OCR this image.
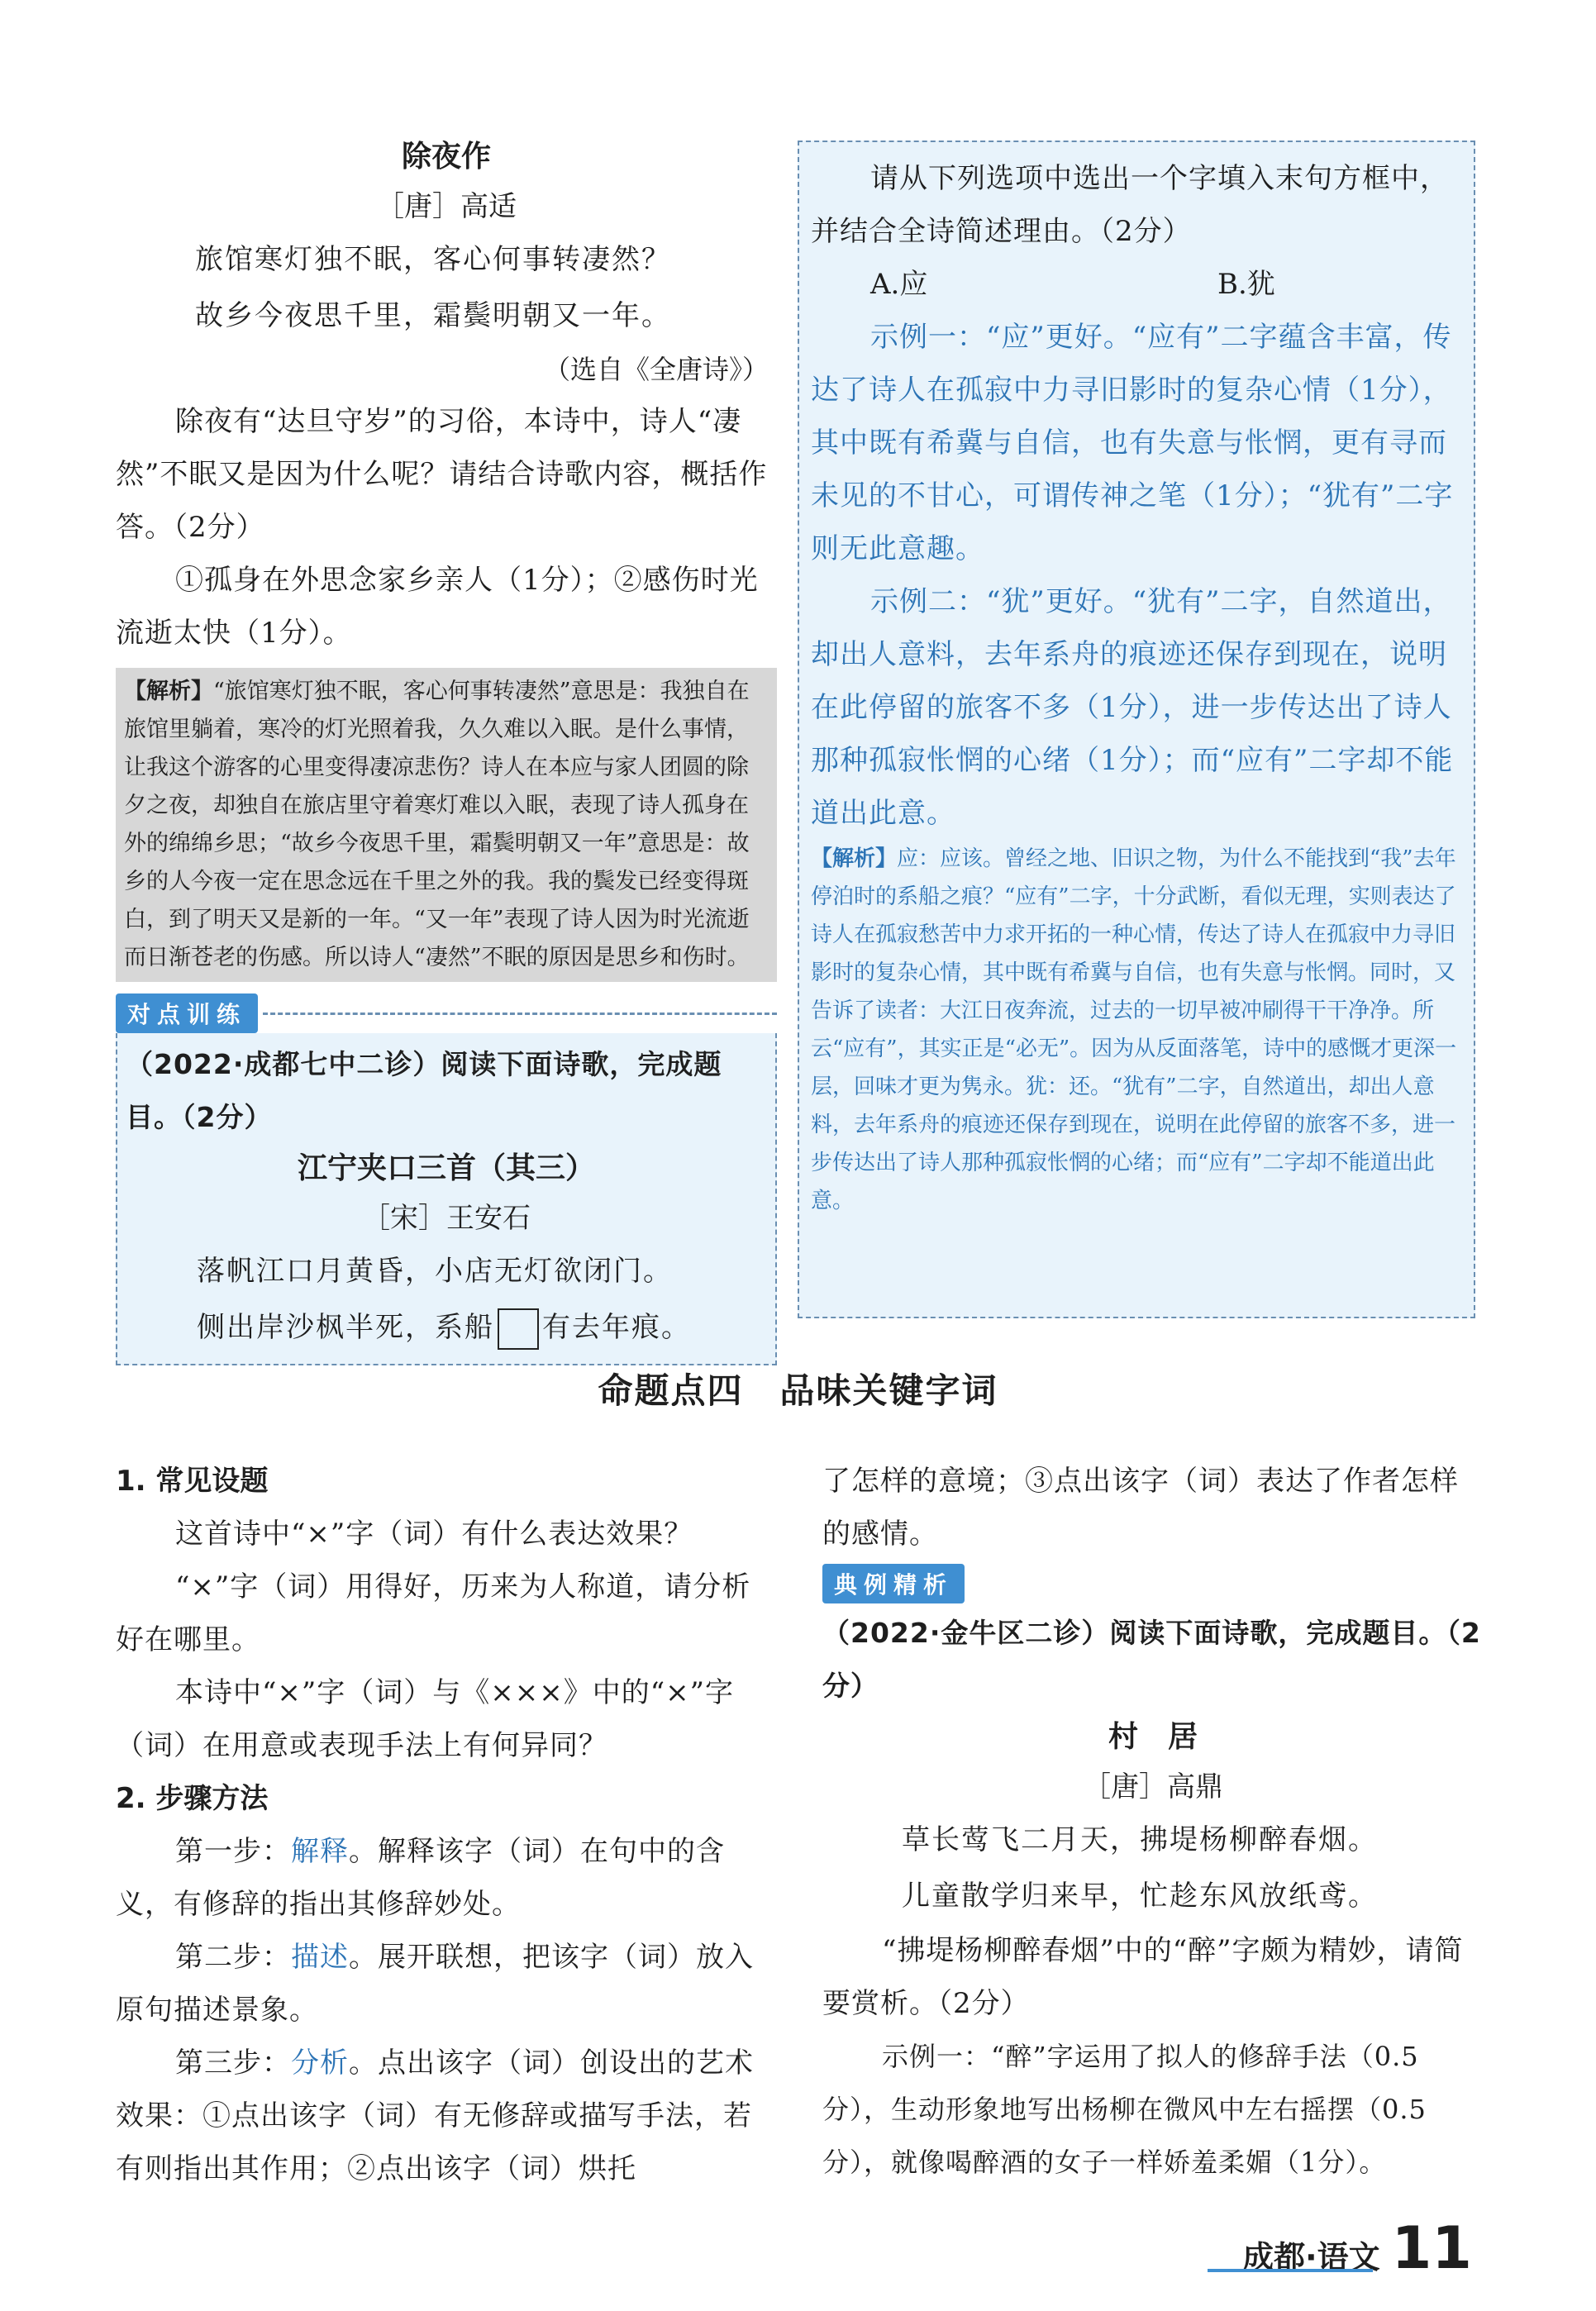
除夜作
［唐］高适
旅馆寒灯独不眠，客心何事转凄然？
故乡今夜思千里，霜鬓明朝又一年。
（选自《全唐诗》）

除夜有“达旦守岁”的习俗，本诗中，诗人“凄然”不眠又是因为什么呢？请结合诗歌内容，概括作答。（2分）

①孤身在外思念家乡亲人（1分）；②感伤时光流逝太快（1分）。

【解析】“旅馆寒灯独不眠，客心何事转凄然”意思是：我独自在旅馆里躺着，寒冷的灯光照着我，久久难以入眠。是什么事情，让我这个游客的心里变得凄凉悲伤？诗人在本应与家人团圆的除夕之夜，却独自在旅店里守着寒灯难以入眠，表现了诗人孤身在外的绵绵乡思；“故乡今夜思千里，霜鬓明朝又一年”意思是：故乡的人今夜一定在思念远在千里之外的我。我的鬓发已经变得斑白，到了明天又是新的一年。“又一年”表现了诗人因为时光流逝而日渐苍老的伤感。所以诗人“凄然”不眠的原因是思乡和伤时。
对点训练

（2022·成都七中二诊）阅读下面诗歌，完成题目。（2分）

江宁夹口三首（其三）
［宋］王安石
落帆江口月黄昏，小店无灯欲闭门。
侧出岸沙枫半死，系船 有去年痕。

请从下列选项中选出一个字填入末句方框中，并结合全诗简述理由。（2分）

A.应	B.犹

示例一：“应”更好。“应有”二字蕴含丰富，传达了诗人在孤寂中力寻旧影时的复杂心情（1分），其中既有希冀与自信，也有失意与怅惘，更有寻而未见的不甘心，可谓传神之笔（1分）；“犹有”二字则无此意趣。

示例二：“犹”更好。“犹有”二字，自然道出，却出人意料，去年系舟的痕迹还保存到现在，说明在此停留的旅客不多（1分），进一步传达出了诗人那种孤寂怅惘的心绪（1分）；而“应有”二字却不能道出此意。

【解析】应：应该。曾经之地、旧识之物，为什么不能找到“我”去年停泊时的系船之痕？“应有”二字，十分武断，看似无理，实则表达了诗人在孤寂愁苦中力求开拓的一种心情，传达了诗人在孤寂中力寻旧影时的复杂心情，其中既有希冀与自信，也有失意与怅惘。同时，又告诉了读者：大江日夜奔流，过去的一切早被冲刷得干干净净。所云“应有”，其实正是“必无”。因为从反面落笔，诗中的感慨才更深一层，回味才更为隽永。犹：还。“犹有”二字，自然道出，却出人意料，去年系舟的痕迹还保存到现在，说明在此停留的旅客不多，进一步传达出了诗人那种孤寂怅惘的心绪；而“应有”二字却不能道出此意。
命题点四　品味关键字词
1. 常见设题

这首诗中“×”字（词）有什么表达效果？

“×”字（词）用得好，历来为人称道，请分析好在哪里。

本诗中“×”字（词）与《×××》中的“×”字（词）在用意或表现手法上有何异同？

2. 步骤方法

第一步：解释。解释该字（词）在句中的含义，有修辞的指出其修辞妙处。

第二步：描述。展开联想，把该字（词）放入原句描述景象。

第三步：分析。点出该字（词）创设出的艺术效果：①点出该字（词）有无修辞或描写手法，若有则指出其作用；②点出该字（词）烘托

了怎样的意境；③点出该字（词）表达了作者怎样的感情。

典例精析

（2022·金牛区二诊）阅读下面诗歌，完成题目。（2分）

村　居
［唐］高鼎
草长莺飞二月天，拂堤杨柳醉春烟。
儿童散学归来早，忙趁东风放纸鸢。

“拂堤杨柳醉春烟”中的“醉”字颇为精妙，请简要赏析。（2分）

示例一：“醉”字运用了拟人的修辞手法（0.5分），生动形象地写出杨柳在微风中左右摇摆（0.5分），就像喝醉酒的女子一样娇羞柔媚（1分）。

成都·语文 11
